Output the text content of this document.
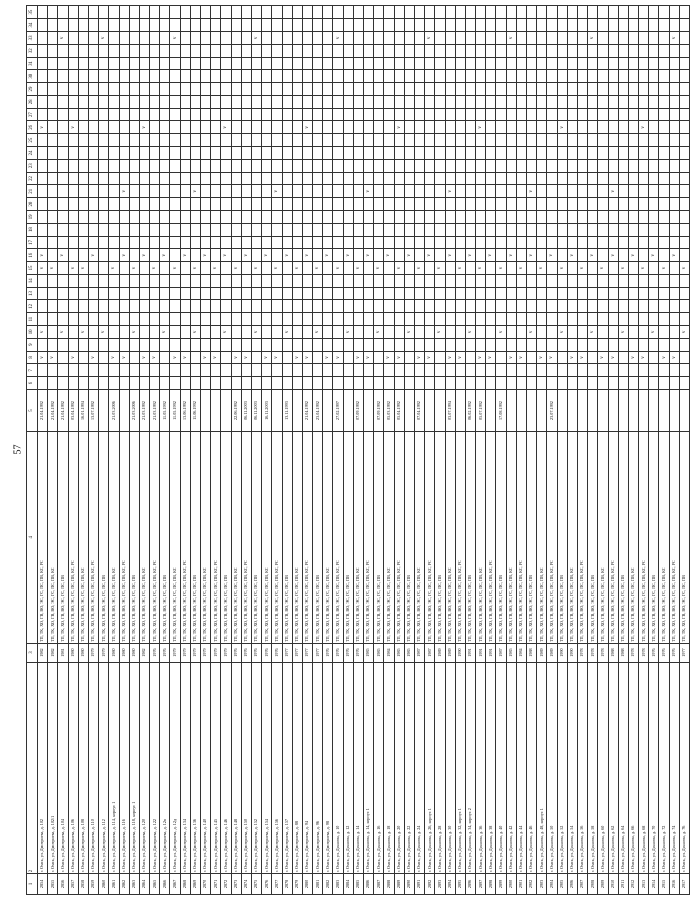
57
1	2	3	4	5	6	7	8	9	10	11	12	13	14	15	16	17	18	19	20	21	22	23	24	25	26	27	28	29	30	31	32	33	34	35
2854	г. Омск, ул. Дмитриева, д. 102	1982	ТП, ТК, ХО, ГВ, ВО, ЭС, ГС, ПС, ПВ, КС, РС	21.04.1992			v		v					v	v										v									
2855	г. Омск, ул. Дмитриева, д. 102/1	1982	ТП, ТК, ХО, ГВ, ВО, ЭС, ГС, ПС, ПВ, КС	21.04.1992			v							v																				
2856	г. Омск, ул. Дмитриева, д. 104	1981	ТП, ТК, ХО, ГВ, ВО, ЭС, ГС, ПС, ПВ	21.04.1992					v						v																	v		
2857	г. Омск, ул. Дмитриева, д. 106	1980	ТП, ТК, ХО, ГВ, ВО, ЭС, ГС, ПС, ПВ, КС, РС	03.04.1992			v							v											v									
2858	г. Омск, ул. Дмитриева, д. 108	1980	ТП, ТК, ХО, ГВ, ВО, ЭС, ГС, ПС, ПВ, КС	16.01.1994					v					v																				
2859	г. Омск, ул. Дмитриева, д. 110	1979	ТП, ТК, ХО, ГВ, ВО, ЭС, ГС, ПС, ПВ, КС, РС	13.07.1992			v								v																			
2860	г. Омск, ул. Дмитриева, д. 112	1979	ТП, ТК, ХО, ГВ, ВО, ЭС, ГС, ПС, ПВ						v																							v		
2861	г. Омск, ул. Дмитриева, д. 114, корпус 1	1980	ТП, ТК, ХО, ГВ, ВО, ЭС, ГС, ПС, ПВ, КС	21.03.2006			v							v																				
2862	г. Омск, ул. Дмитриева, д. 116	1980	ТП, ТК, ХО, ГВ, ВО, ЭС, ГС, ПС, ПВ, КС, РС				v								v					v														
2863	г. Омск, ул. Дмитриева, д. 118, корпус 1	1980	ТП, ТК, ХО, ГВ, ВО, ЭС, ГС, ПС, ПВ	21.03.2006					v					v																				
2864	г. Омск, ул. Дмитриева, д. 120	1982	ТП, ТК, ХО, ГВ, ВО, ЭС, ГС, ПС, ПВ, КС	21.03.1992			v								v										v									
2865	г. Омск, ул. Дмитриева, д. 122	1976	ТП, ТК, ХО, ГВ, ВО, ЭС, ГС, ПС, ПВ, КС, РС	21.03.1992			v							v																				
2866	г. Омск, ул. Дмитриева, д. 12в	1976	ТП, ТК, ХО, ГВ, ВО, ЭС, ГС, ПС, ПВ	11.05.1992					v						v																			
2867	г. Омск, ул. Дмитриева, д. 12д	1979	ТП, ТК, ХО, ГВ, ВО, ЭС, ГС, ПС, ПВ, КС	11.05.1992			v							v																		v		
2868	г. Омск, ул. Дмитриева, д. 134	1979	ТП, ТК, ХО, ГВ, ВО, ЭС, ГС, ПС, ПВ, КС, РС	13.06.1992			v								v																			
2869	г. Омск, ул. Дмитриева, д. 136	1979	ТП, ТК, ХО, ГВ, ВО, ЭС, ГС, ПС, ПВ	11.06.1992					v					v						v														
2870	г. Омск, ул. Дмитриева, д. 140	1979	ТП, ТК, ХО, ГВ, ВО, ЭС, ГС, ПС, ПВ, КС				v								v																			
2871	г. Омск, ул. Дмитриева, д. 145	1979	ТП, ТК, ХО, ГВ, ВО, ЭС, ГС, ПС, ПВ, КС, РС				v							v																				
2872	г. Омск, ул. Дмитриева, д. 146	1979	ТП, ТК, ХО, ГВ, ВО, ЭС, ГС, ПС, ПВ						v						v										v									
2873	г. Омск, ул. Дмитриева, д. 148	1976	ТП, ТК, ХО, ГВ, ВО, ЭС, ГС, ПС, ПВ, КС	22.06.1992			v							v																				
2874	г. Омск, ул. Дмитриева, д. 150	1976	ТП, ТК, ХО, ГВ, ВО, ЭС, ГС, ПС, ПВ, КС, РС	06.11.2003			v								v																			
2875	г. Омск, ул. Дмитриева, д. 152	1976	ТП, ТК, ХО, ГВ, ВО, ЭС, ГС, ПС, ПВ	06.11.2003					v					v																		v		
2876	г. Омск, ул. Дмитриева, д. 154	1976	ТП, ТК, ХО, ГВ, ВО, ЭС, ГС, ПС, ПВ, КС	16.11.2003			v								v																			
2877	г. Омск, ул. Дмитриева, д. 156	1976	ТП, ТК, ХО, ГВ, ВО, ЭС, ГС, ПС, ПВ, КС, РС				v							v						v														
2878	г. Омск, ул. Дмитриева, д. 157	1977	ТП, ТК, ХО, ГВ, ВО, ЭС, ГС, ПС, ПВ	13.11.1993					v						v																			
2879	г. Омск, ул. Дмитриева, д. 88	1977	ТП, ТК, ХО, ГВ, ВО, ЭС, ГС, ПС, ПВ, КС				v							v																				
2880	г. Омск, ул. Дмитриева, д. 94	1977	ТП, ТК, ХО, ГВ, ВО, ЭС, ГС, ПС, ПВ, КС, РС	21.04.1992			v								v										v									
2881	г. Омск, ул. Дмитриева, д. 96	1977	ТП, ТК, ХО, ГВ, ВО, ЭС, ГС, ПС, ПВ	23.04.1992					v					v																				
2882	г. Омск, ул. Дмитриева, д. 98	1976	ТП, ТК, ХО, ГВ, ВО, ЭС, ГС, ПС, ПВ, КС				v								v																			
2883	г. Омск, ул. Дианова, д. 10	1976	ТП, ТК, ХО, ГВ, ВО, ЭС, ГС, ПС, ПВ, КС, РС	27.02.1997			v							v																		v		
2884	г. Омск, ул. Дианова, д. 12	1976	ТП, ТК, ХО, ГВ, ВО, ЭС, ГС, ПС, ПВ						v						v																			
2885	г. Омск, ул. Дианова, д. 14	1976	ТП, ТК, ХО, ГВ, ВО, ЭС, ГС, ПС, ПВ, КС	07.09.1992			v							v																				
2886	г. Омск, ул. Дианова, д. 14, корпус 1	1985	ТП, ТК, ХО, ГВ, ВО, ЭС, ГС, ПС, ПВ, КС, РС				v								v					v														
2887	г. Омск, ул. Дианова, д. 16	1985	ТП, ТК, ХО, ГВ, ВО, ЭС, ГС, ПС, ПВ	07.09.1992					v					v																				
2888	г. Омск, ул. Дианова, д. 18	1984	ТП, ТК, ХО, ГВ, ВО, ЭС, ГС, ПС, ПВ, КС	05.03.1992			v								v																			
2889	г. Омск, ул. Дианова, д. 20	1985	ТП, ТК, ХО, ГВ, ВО, ЭС, ГС, ПС, ПВ, КС, РС	05.04.1992			v							v											v									
2890	г. Омск, ул. Дианова, д. 22	1985	ТП, ТК, ХО, ГВ, ВО, ЭС, ГС, ПС, ПВ						v						v																			
2891	г. Омск, ул. Дианова, д. 24	1987	ТП, ТК, ХО, ГВ, ВО, ЭС, ГС, ПС, ПВ, КС	07.04.1992			v							v																				
2892	г. Омск, ул. Дианова, д. 26, корпус 1	1987	ТП, ТК, ХО, ГВ, ВО, ЭС, ГС, ПС, ПВ, КС, РС				v								v																	v		
2893	г. Омск, ул. Дианова, д. 28	1989	ТП, ТК, ХО, ГВ, ВО, ЭС, ГС, ПС, ПВ						v					v																				
2894	г. Омск, ул. Дианова, д. 30	1989	ТП, ТК, ХО, ГВ, ВО, ЭС, ГС, ПС, ПВ, КС	03.07.1994			v								v					v														
2895	г. Омск, ул. Дианова, д. 32, корпус 1	1990	ТП, ТК, ХО, ГВ, ВО, ЭС, ГС, ПС, ПВ, КС, РС				v							v																				
2896	г. Омск, ул. Дианова, д. 34, корпус 2	1991	ТП, ТК, ХО, ГВ, ВО, ЭС, ГС, ПС, ПВ	06.02.1992					v						v																			
2897	г. Омск, ул. Дианова, д. 36	1991	ТП, ТК, ХО, ГВ, ВО, ЭС, ГС, ПС, ПВ, КС	05.07.1992			v							v											v									
2898	г. Омск, ул. Дианова, д. 38	1991	ТП, ТК, ХО, ГВ, ВО, ЭС, ГС, ПС, ПВ, КС, РС				v								v																			
2899	г. Омск, ул. Дианова, д. 40	1987	ТП, ТК, ХО, ГВ, ВО, ЭС, ГС, ПС, ПВ	17.08.1992					v					v																				
2900	г. Омск, ул. Дианова, д. 42	1985	ТП, ТК, ХО, ГВ, ВО, ЭС, ГС, ПС, ПВ, КС				v								v																	v		
2901	г. Омск, ул. Дианова, д. 44	1984	ТП, ТК, ХО, ГВ, ВО, ЭС, ГС, ПС, ПВ, КС, РС				v							v																				
2902	г. Омск, ул. Дианова, д. 46	1988	ТП, ТК, ХО, ГВ, ВО, ЭС, ГС, ПС, ПВ						v						v					v														
2903	г. Омск, ул. Дианова, д. 48, корпус 1	1989	ТП, ТК, ХО, ГВ, ВО, ЭС, ГС, ПС, ПВ, КС				v							v																				
2904	г. Омск, ул. Дианова, д. 50	1989	ТП, ТК, ХО, ГВ, ВО, ЭС, ГС, ПС, ПВ, КС, РС	23.07.1992			v								v																			
2905	г. Омск, ул. Дианова, д. 52	1990	ТП, ТК, ХО, ГВ, ВО, ЭС, ГС, ПС, ПВ						v					v											v									
2906	г. Омск, ул. Дианова, д. 54	1990	ТП, ТК, ХО, ГВ, ВО, ЭС, ГС, ПС, ПВ, КС				v								v																			
2907	г. Омск, ул. Дианова, д. 56	1978	ТП, ТК, ХО, ГВ, ВО, ЭС, ГС, ПС, ПВ, КС, РС				v							v																				
2908	г. Омск, ул. Дианова, д. 58	1978	ТП, ТК, ХО, ГВ, ВО, ЭС, ГС, ПС, ПВ						v						v																	v		
2909	г. Омск, ул. Дианова, д. 60	1978	ТП, ТК, ХО, ГВ, ВО, ЭС, ГС, ПС, ПВ, КС				v							v																				
2910	г. Омск, ул. Дианова, д. 62	1988	ТП, ТК, ХО, ГВ, ВО, ЭС, ГС, ПС, ПВ, КС, РС				v								v					v														
2911	г. Омск, ул. Дианова, д. 64	1988	ТП, ТК, ХО, ГВ, ВО, ЭС, ГС, ПС, ПВ						v					v																				
2912	г. Омск, ул. Дианова, д. 66	1978	ТП, ТК, ХО, ГВ, ВО, ЭС, ГС, ПС, ПВ, КС				v								v																			
2913	г. Омск, ул. Дианова, д. 68	1978	ТП, ТК, ХО, ГВ, ВО, ЭС, ГС, ПС, ПВ, КС, РС				v							v											v									
2914	г. Омск, ул. Дианова, д. 70	1976	ТП, ТК, ХО, ГВ, ВО, ЭС, ГС, ПС, ПВ						v						v																			
2915	г. Омск, ул. Дианова, д. 72	1976	ТП, ТК, ХО, ГВ, ВО, ЭС, ГС, ПС, ПВ, КС				v							v																				
2916	г. Омск, ул. Дианова, д. 74	1976	ТП, ТК, ХО, ГВ, ВО, ЭС, ГС, ПС, ПВ, КС, РС				v								v																	v		
2917	г. Омск, ул. Дианова, д. 76	1977	ТП, ТК, ХО, ГВ, ВО, ЭС, ГС, ПС, ПВ						v					v																				
